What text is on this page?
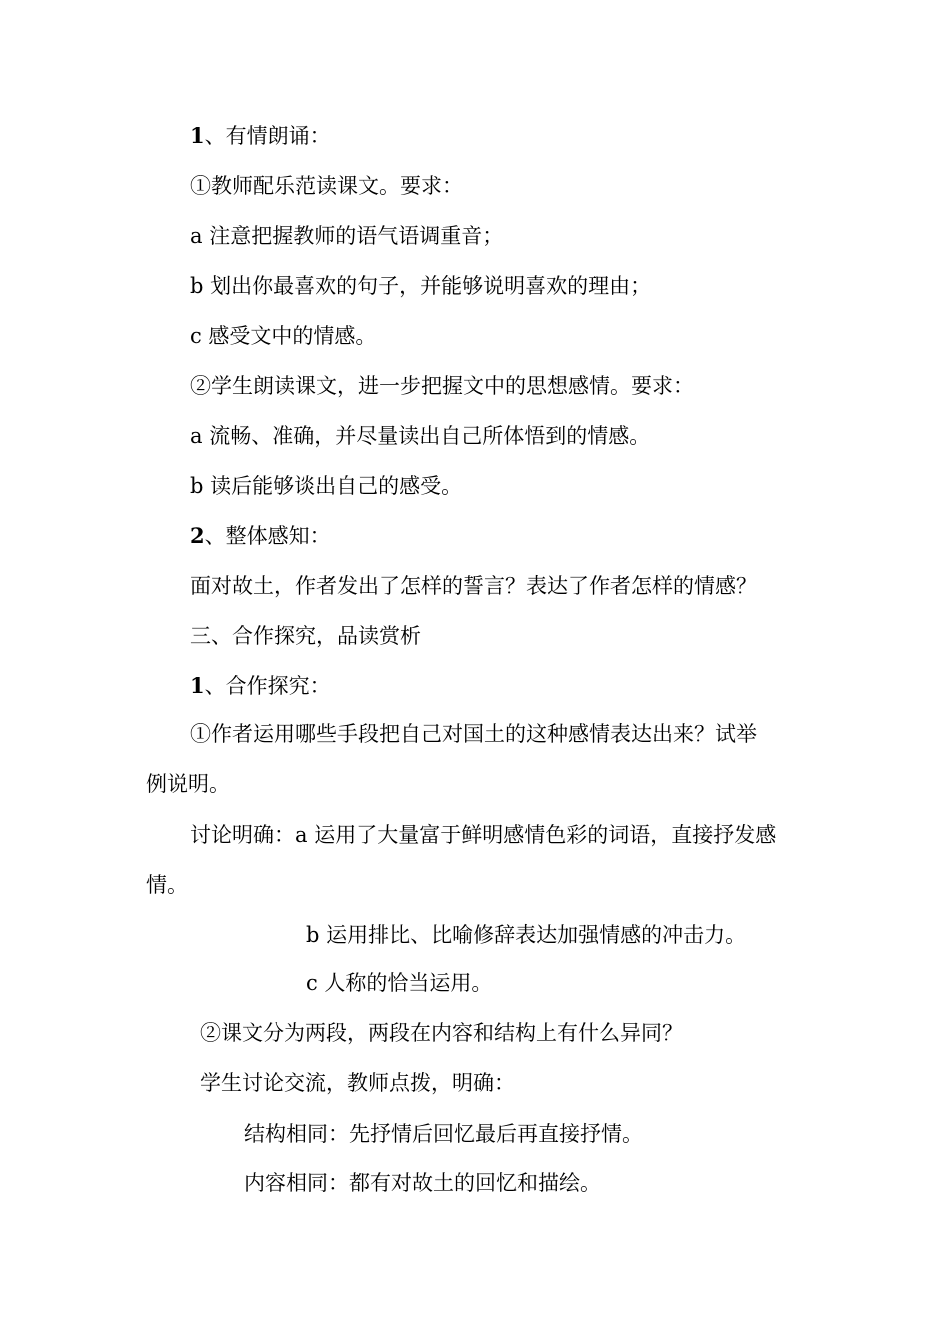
1、有情朗诵：
①教师配乐范读课文。要求：
a 注意把握教师的语气语调重音；
b 划出你最喜欢的句子，并能够说明喜欢的理由；
c 感受文中的情感。
②学生朗读课文，进一步把握文中的思想感情。要求：
a 流畅、准确，并尽量读出自己所体悟到的情感。
b 读后能够谈出自己的感受。
2、整体感知：
面对故土，作者发出了怎样的誓言？表达了作者怎样的情感？
三、合作探究，品读赏析
1、合作探究：
①作者运用哪些手段把自己对国土的这种感情表达出来？试举
例说明。
讨论明确：a 运用了大量富于鲜明感情色彩的词语，直接抒发感
情。
b 运用排比、比喻修辞表达加强情感的冲击力。
c 人称的恰当运用。
②课文分为两段，两段在内容和结构上有什么异同？
学生讨论交流，教师点拨，明确：
结构相同：先抒情后回忆最后再直接抒情。
内容相同：都有对故土的回忆和描绘。
